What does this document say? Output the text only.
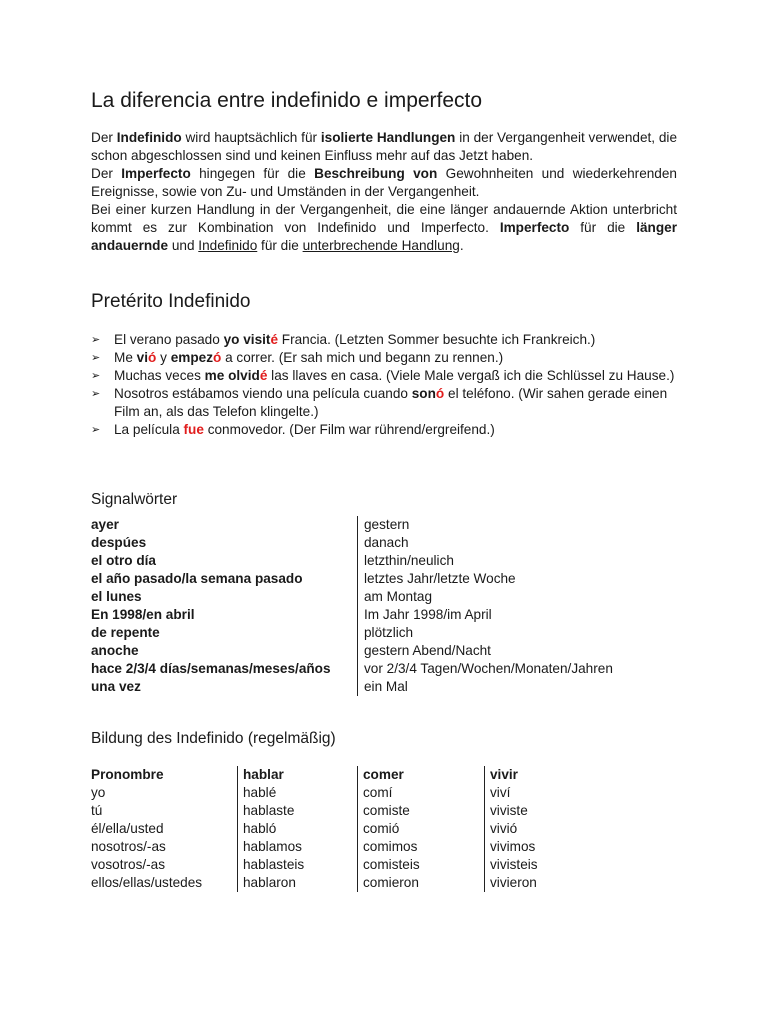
La diferencia entre indefinido e imperfecto

Der Indefinido wird hauptsächlich für isolierte Handlungen in der Vergangenheit verwendet, die schon abgeschlossen sind und keinen Einfluss mehr auf das Jetzt haben.

Der Imperfecto hingegen für die Beschreibung von Gewohnheiten und wiederkehrenden Ereignisse, sowie von Zu- und Umständen in der Vergangenheit.

Bei einer kurzen Handlung in der Vergangenheit, die eine länger andauernde Aktion unterbricht kommt es zur Kombination von Indefinido und Imperfecto. Imperfecto für die länger andauernde und Indefinido für die unterbrechende Handlung.

Pretérito Indefinido
➢ El verano pasado yo visité Francia. (Letzten Sommer besuchte ich Frankreich.)
➢ Me vió y empezó a correr. (Er sah mich und begann zu rennen.)
➢ Muchas veces me olvidé las llaves en casa. (Viele Male vergaß ich die Schlüssel zu Hause.)
➢ Nosotros estábamos viendo una película cuando sonó el teléfono. (Wir sahen gerade einen Film an, als das Telefon klingelte.)
➢ La película fue conmovedor. (Der Film war rührend/ergreifend.)
Signalwörter
ayer	gestern
despúes	danach
el otro día	letzthin/neulich
el año pasado/la semana pasado	letztes Jahr/letzte Woche
el lunes	am Montag
En 1998/en abril	Im Jahr 1998/im April
de repente	plötzlich
anoche	gestern Abend/Nacht
hace 2/3/4 días/semanas/meses/años	vor 2/3/4 Tagen/Wochen/Monaten/Jahren
una vez	ein Mal
Bildung des Indefinido (regelmäßig)
Pronombre	hablar	comer	vivir
yo	hablé	comí	viví
tú	hablaste	comiste	viviste
él/ella/usted	habló	comió	vivió
nosotros/-as	hablamos	comimos	vivimos
vosotros/-as	hablasteis	comisteis	vivisteis
ellos/ellas/ustedes	hablaron	comieron	vivieron
